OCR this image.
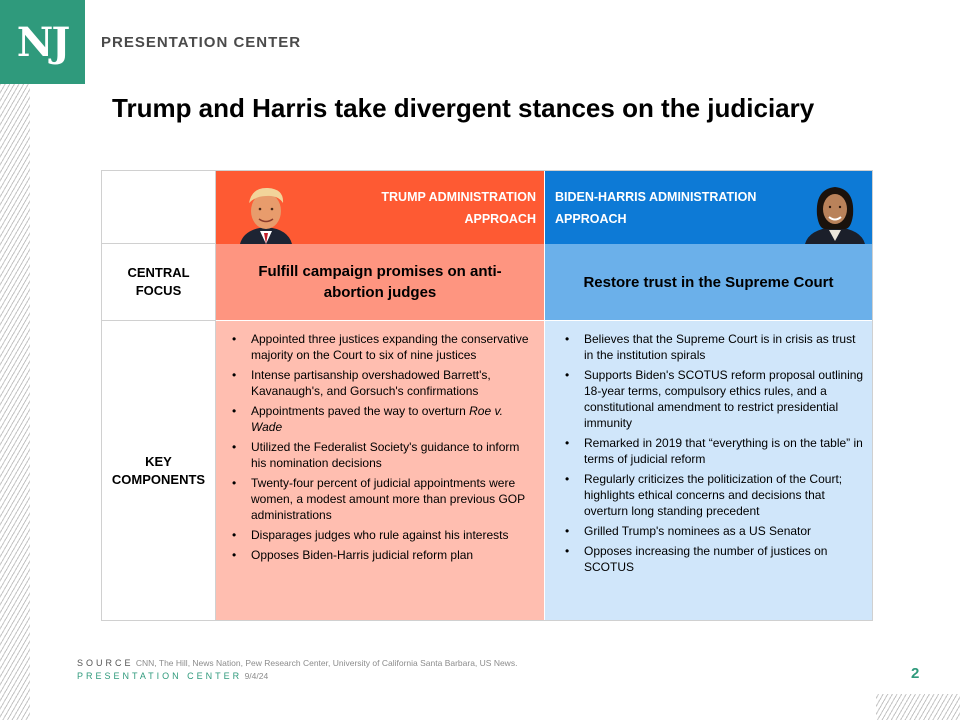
NJ	PRESENTATION CENTER
Trump and Harris take divergent stances on the judiciary
TRUMP ADMINISTRATION
APPROACH
BIDEN-HARRIS ADMINISTRATION
APPROACH
CENTRAL
FOCUS
Fulfill campaign promises on anti-abortion judges
Restore trust in the Supreme Court
KEY
COMPONENTS
• Appointed three justices expanding the conservative majority on the Court to six of nine justices
• Intense partisanship overshadowed Barrett's, Kavanaugh's, and Gorsuch's confirmations
• Appointments paved the way to overturn Roe v. Wade
• Utilized the Federalist Society's guidance to inform his nomination decisions
• Twenty-four percent of judicial appointments were women, a modest amount more than previous GOP administrations
• Disparages judges who rule against his interests
• Opposes Biden-Harris judicial reform plan
• Believes that the Supreme Court is in crisis as trust in the institution spirals
• Supports Biden's SCOTUS reform proposal outlining 18-year terms, compulsory ethics rules, and a constitutional amendment to restrict presidential immunity
• Remarked in 2019 that “everything is on the table” in terms of judicial reform
• Regularly criticizes the politicization of the Court; highlights ethical concerns and decisions that overturn long standing precedent
• Grilled Trump's nominees as a US Senator
• Opposes increasing the number of justices on SCOTUS
SOURCE CNN, The Hill, News Nation, Pew Research Center, University of California Santa Barbara, US News.
PRESENTATION CENTER 9/4/24	2
